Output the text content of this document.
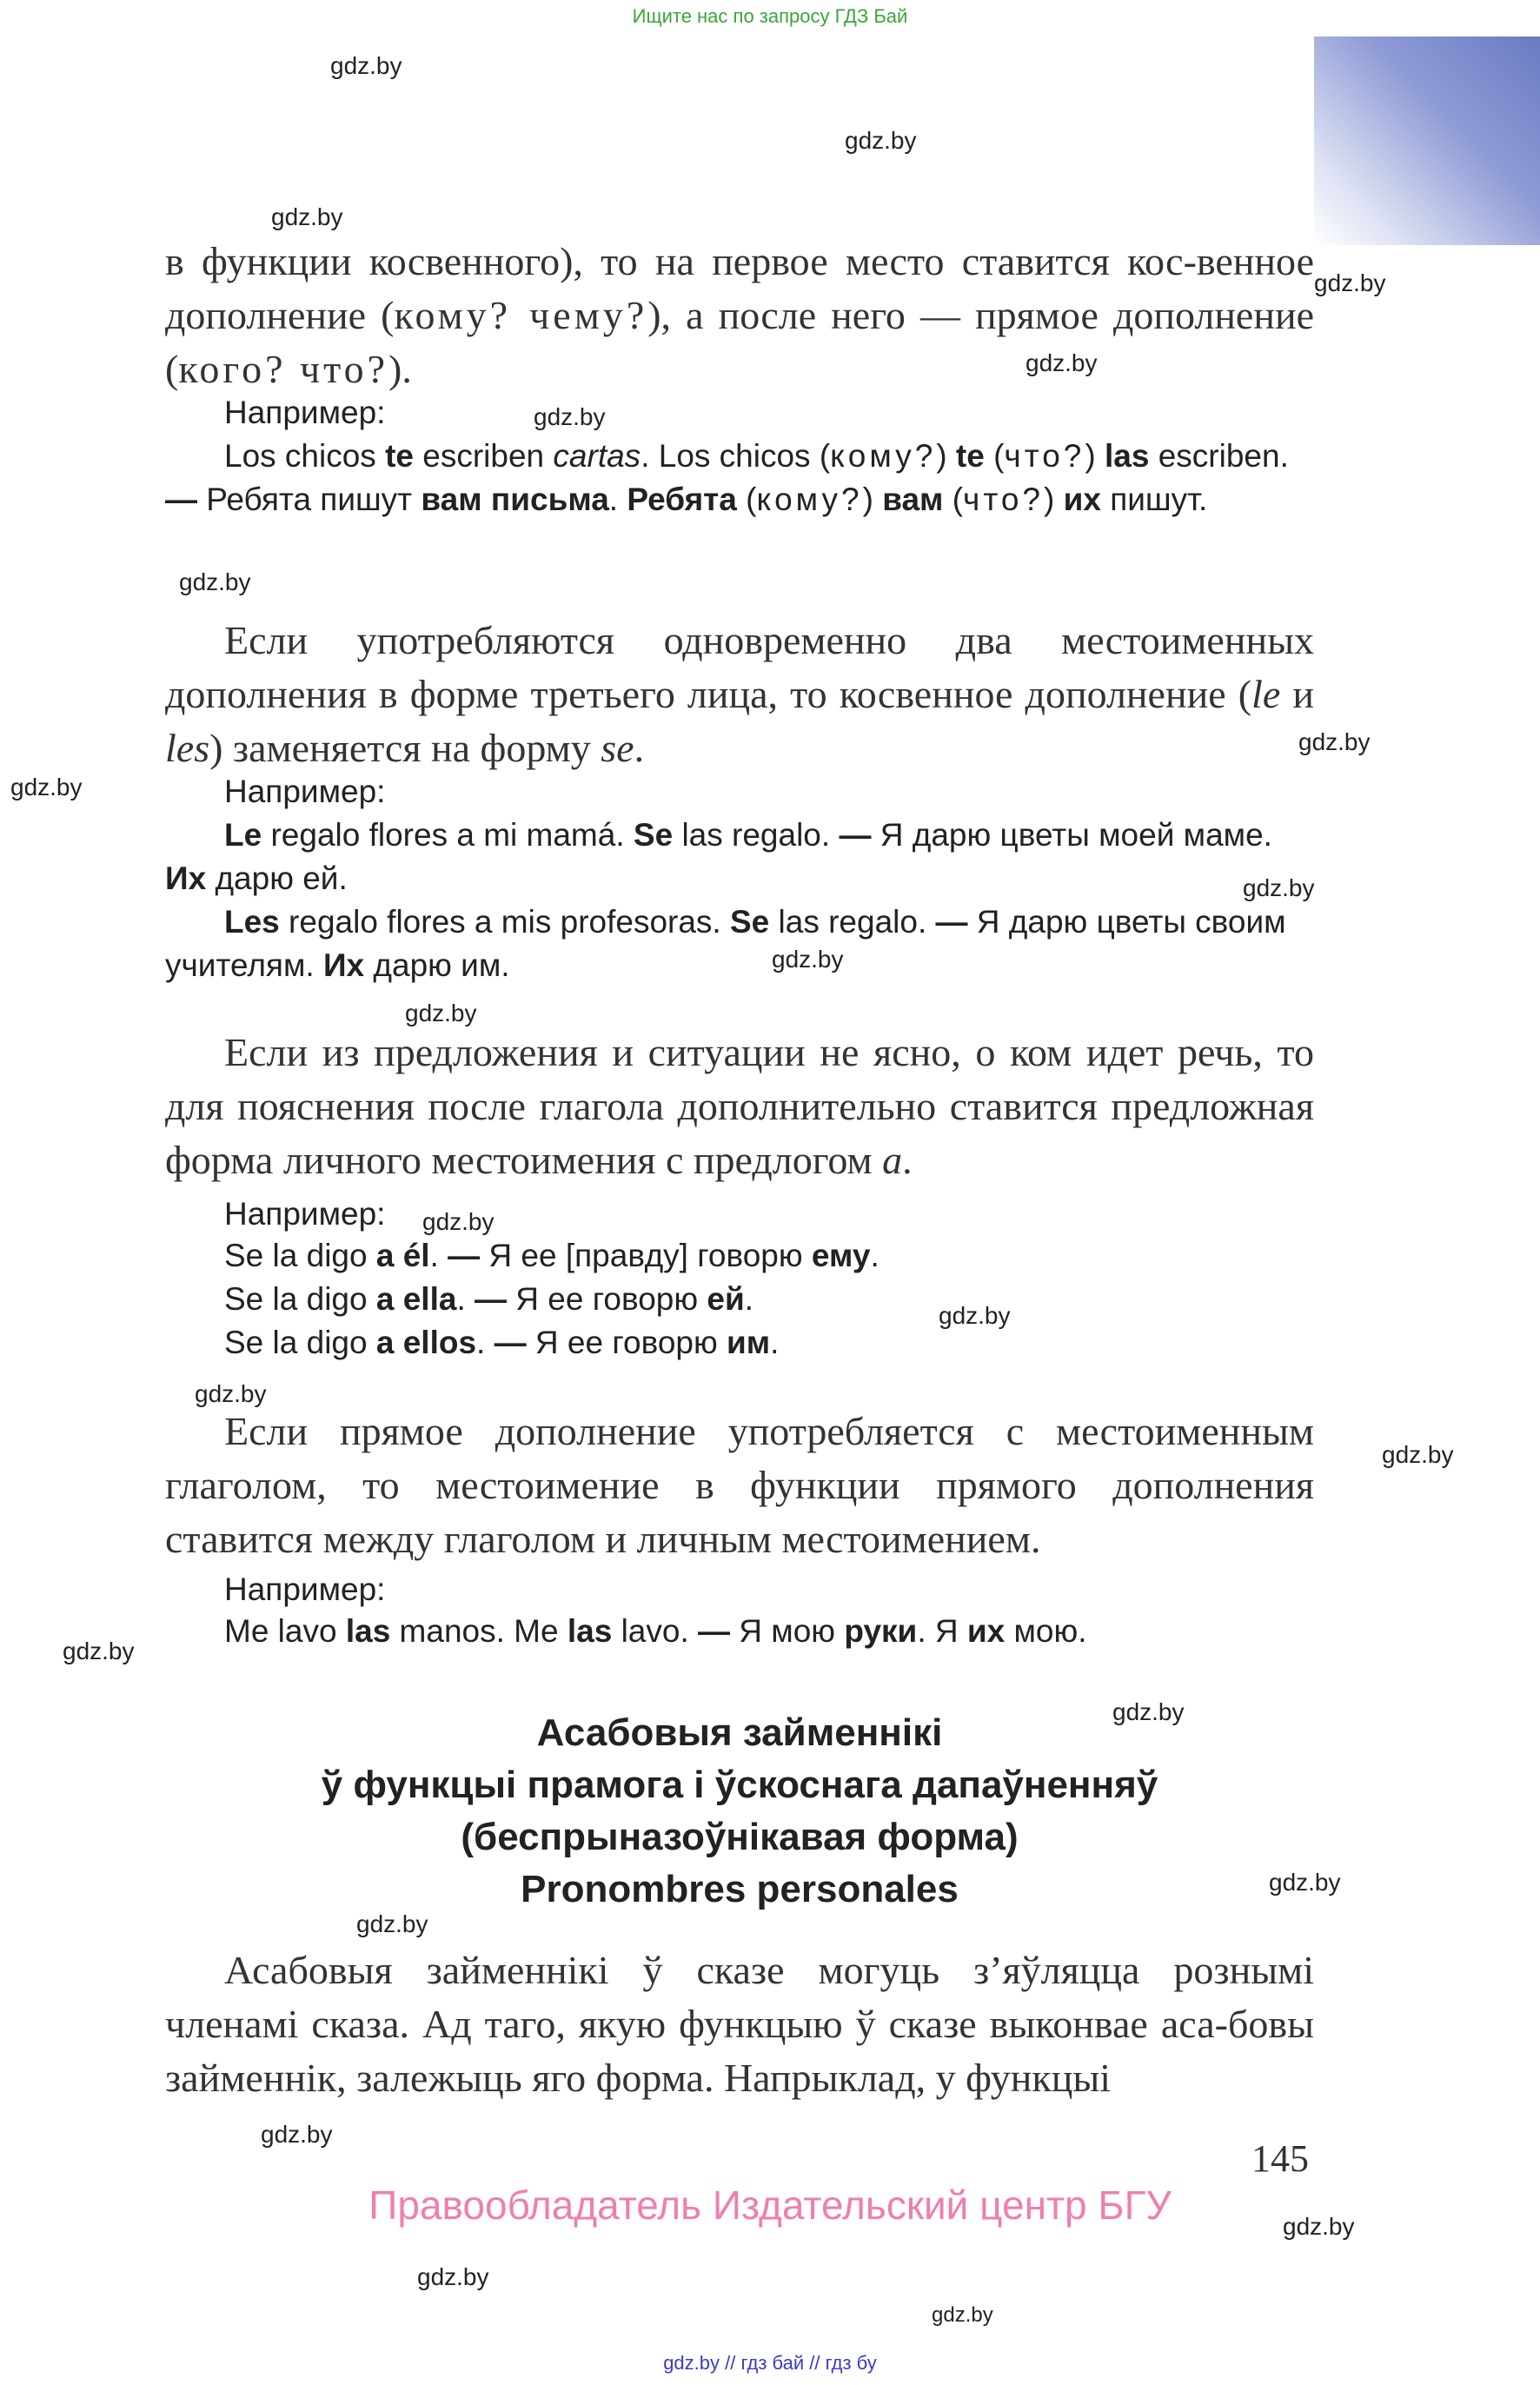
Ищите нас по запросу ГДЗ Бай
gdz.by
gdz.by
gdz.by
gdz.by
gdz.by
gdz.by
gdz.by
gdz.by
gdz.by
gdz.by
gdz.by
gdz.by
gdz.by
gdz.by
gdz.by
gdz.by
gdz.by
gdz.by
gdz.by
gdz.by
gdz.by
gdz.by
gdz.by
gdz.by

в функции косвенного), то на первое место ставится кос-венное дополнение (кому? чему?), а после него — прямое дополнение (кого? что?).

Например:
Los chicos te escriben cartas. Los chicos (кому?) te (что?) las escriben. — Ребята пишут вам письма. Ребята (кому?) вам (что?) их пишут.

Если употребляются одновременно два местоименных дополнения в форме третьего лица, то косвенное дополнение (le и les) заменяется на форму se.

Например:
Le regalo flores a mi mamá. Se las regalo. — Я дарю цветы моей маме. Их дарю ей.
Les regalo flores a mis profesoras. Se las regalo. — Я дарю цветы своим учителям. Их дарю им.

Если из предложения и ситуации не ясно, о ком идет речь, то для пояснения после глагола дополнительно ставится предложная форма личного местоимения с предлогом a.

Например:
Se la digo a él. — Я ее [правду] говорю ему.
Se la digo a ella. — Я ее говорю ей.
Se la digo a ellos. — Я ее говорю им.

Если прямое дополнение употребляется с местоименным глаголом, то местоимение в функции прямого дополнения ставится между глаголом и личным местоимением.

Например:
Me lavo las manos. Me las lavo. — Я мою руки. Я их мою.
Асабовыя займеннікі
ў функцыі прамога і ўскоснага дапаўненняў
(беспрыназоўнікавая форма)
Pronombres personales

Асабовыя займеннікі ў сказе могуць з’яўляцца рознымі членамі сказа. Ад таго, якую функцыю ў сказе выконвае аса-бовы займеннік, залежыць яго форма. Напрыклад, у функцыі

145
Правообладатель Издательский центр БГУ
gdz.by // гдз бай // гдз бу
